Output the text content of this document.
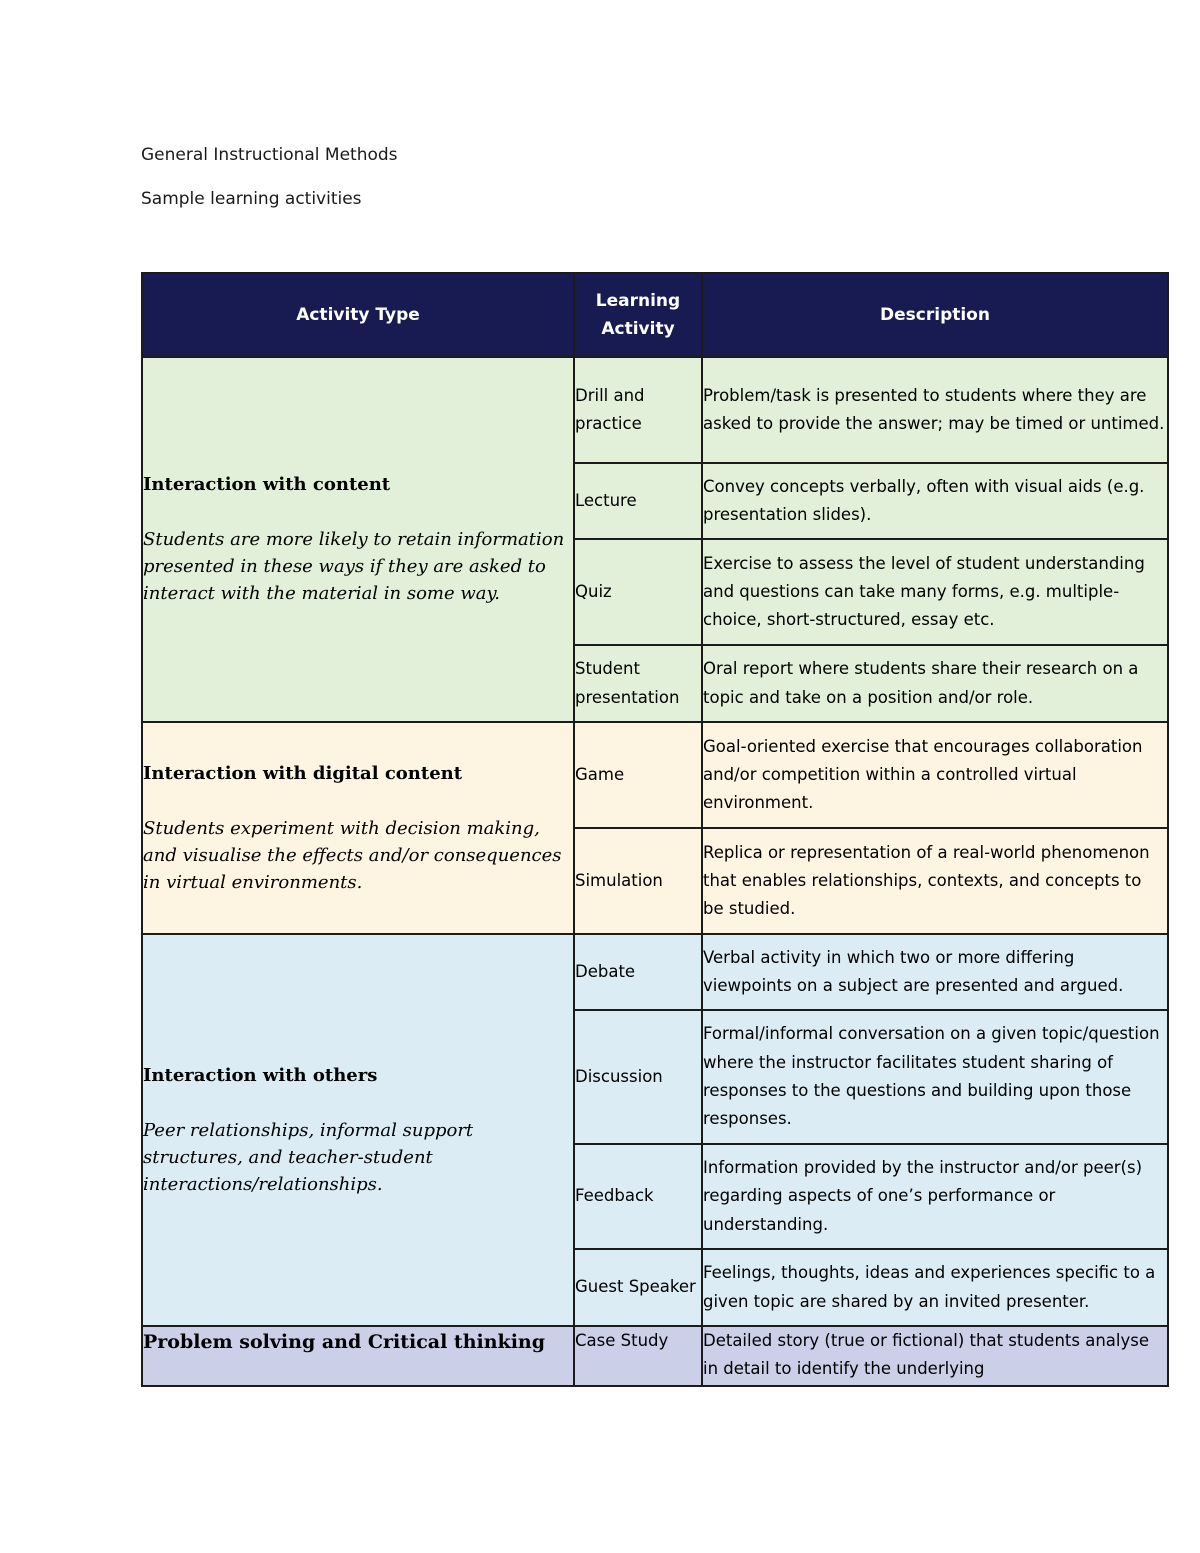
General Instructional Methods
Sample learning activities
Activity Type	Learning Activity	Description

Interaction with content

Students are more likely to retain information presented in these ways if they are asked to interact with the material in some way.	Drill and practice	Problem/task is presented to students where they are asked to provide the answer; may be timed or untimed.
	Lecture	Convey concepts verbally, often with visual aids (e.g. presentation slides).
	Quiz	Exercise to assess the level of student understanding and questions can take many forms, e.g. multiple-choice, short-structured, essay etc.
	Student presentation	Oral report where students share their research on a topic and take on a position and/or role.

Interaction with digital content

Students experiment with decision making, and visualise the effects and/or consequences in virtual environments.	Game	Goal-oriented exercise that encourages collaboration and/or competition within a controlled virtual environment.
	Simulation	Replica or representation of a real-world phenomenon that enables relationships, contexts, and concepts to be studied.

Interaction with others

Peer relationships, informal support structures, and teacher-student interactions/relationships.	Debate	Verbal activity in which two or more differing viewpoints on a subject are presented and argued.
	Discussion	Formal/informal conversation on a given topic/question where the instructor facilitates student sharing of responses to the questions and building upon those responses.
	Feedback	Information provided by the instructor and/or peer(s) regarding aspects of one’s performance or understanding.
	Guest Speaker	Feelings, thoughts, ideas and experiences specific to a given topic are shared by an invited presenter.

Problem solving and Critical thinking	Case Study	Detailed story (true or fictional) that students analyse in detail to identify the underlying
